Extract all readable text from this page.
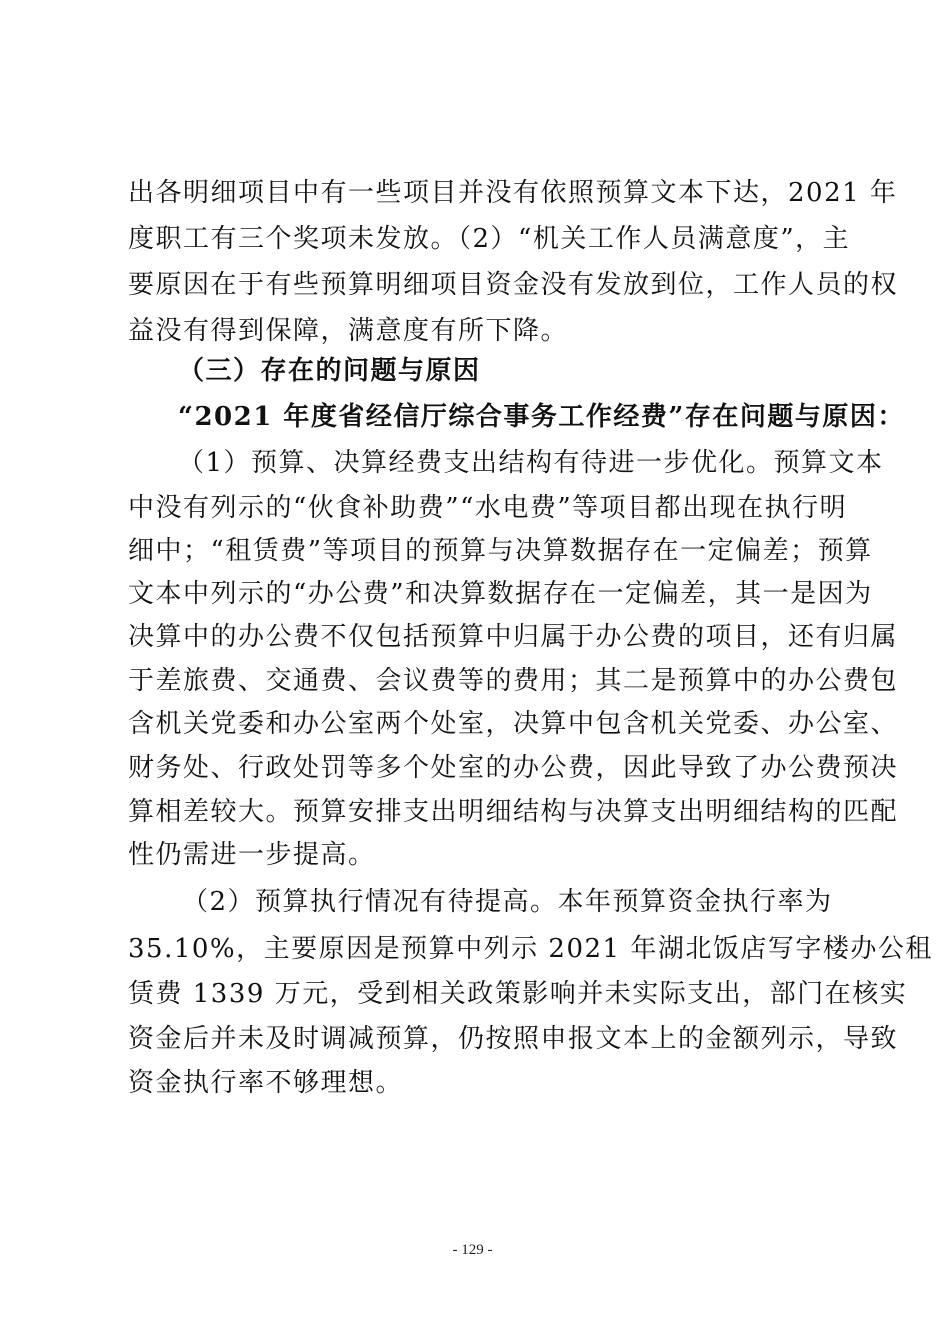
出各明细项目中有一些项目并没有依照预算文本下达，2021 年
度职工有三个奖项未发放。（2）“机关工作人员满意度”，主
要原因在于有些预算明细项目资金没有发放到位，工作人员的权
益没有得到保障，满意度有所下降。
（三）存在的问题与原因
“2021 年度省经信厅综合事务工作经费”存在问题与原因：
（1）预算、决算经费支出结构有待进一步优化。预算文本
中没有列示的“伙食补助费”“水电费”等项目都出现在执行明
细中；“租赁费”等项目的预算与决算数据存在一定偏差；预算
文本中列示的“办公费”和决算数据存在一定偏差，其一是因为
决算中的办公费不仅包括预算中归属于办公费的项目，还有归属
于差旅费、交通费、会议费等的费用；其二是预算中的办公费包
含机关党委和办公室两个处室，决算中包含机关党委、办公室、
财务处、行政处罚等多个处室的办公费，因此导致了办公费预决
算相差较大。预算安排支出明细结构与决算支出明细结构的匹配
性仍需进一步提高。
（2）预算执行情况有待提高。本年预算资金执行率为
35.10%，主要原因是预算中列示 2021 年湖北饭店写字楼办公租
赁费 1339 万元，受到相关政策影响并未实际支出，部门在核实
资金后并未及时调减预算，仍按照申报文本上的金额列示，导致
资金执行率不够理想。
- 129 -
